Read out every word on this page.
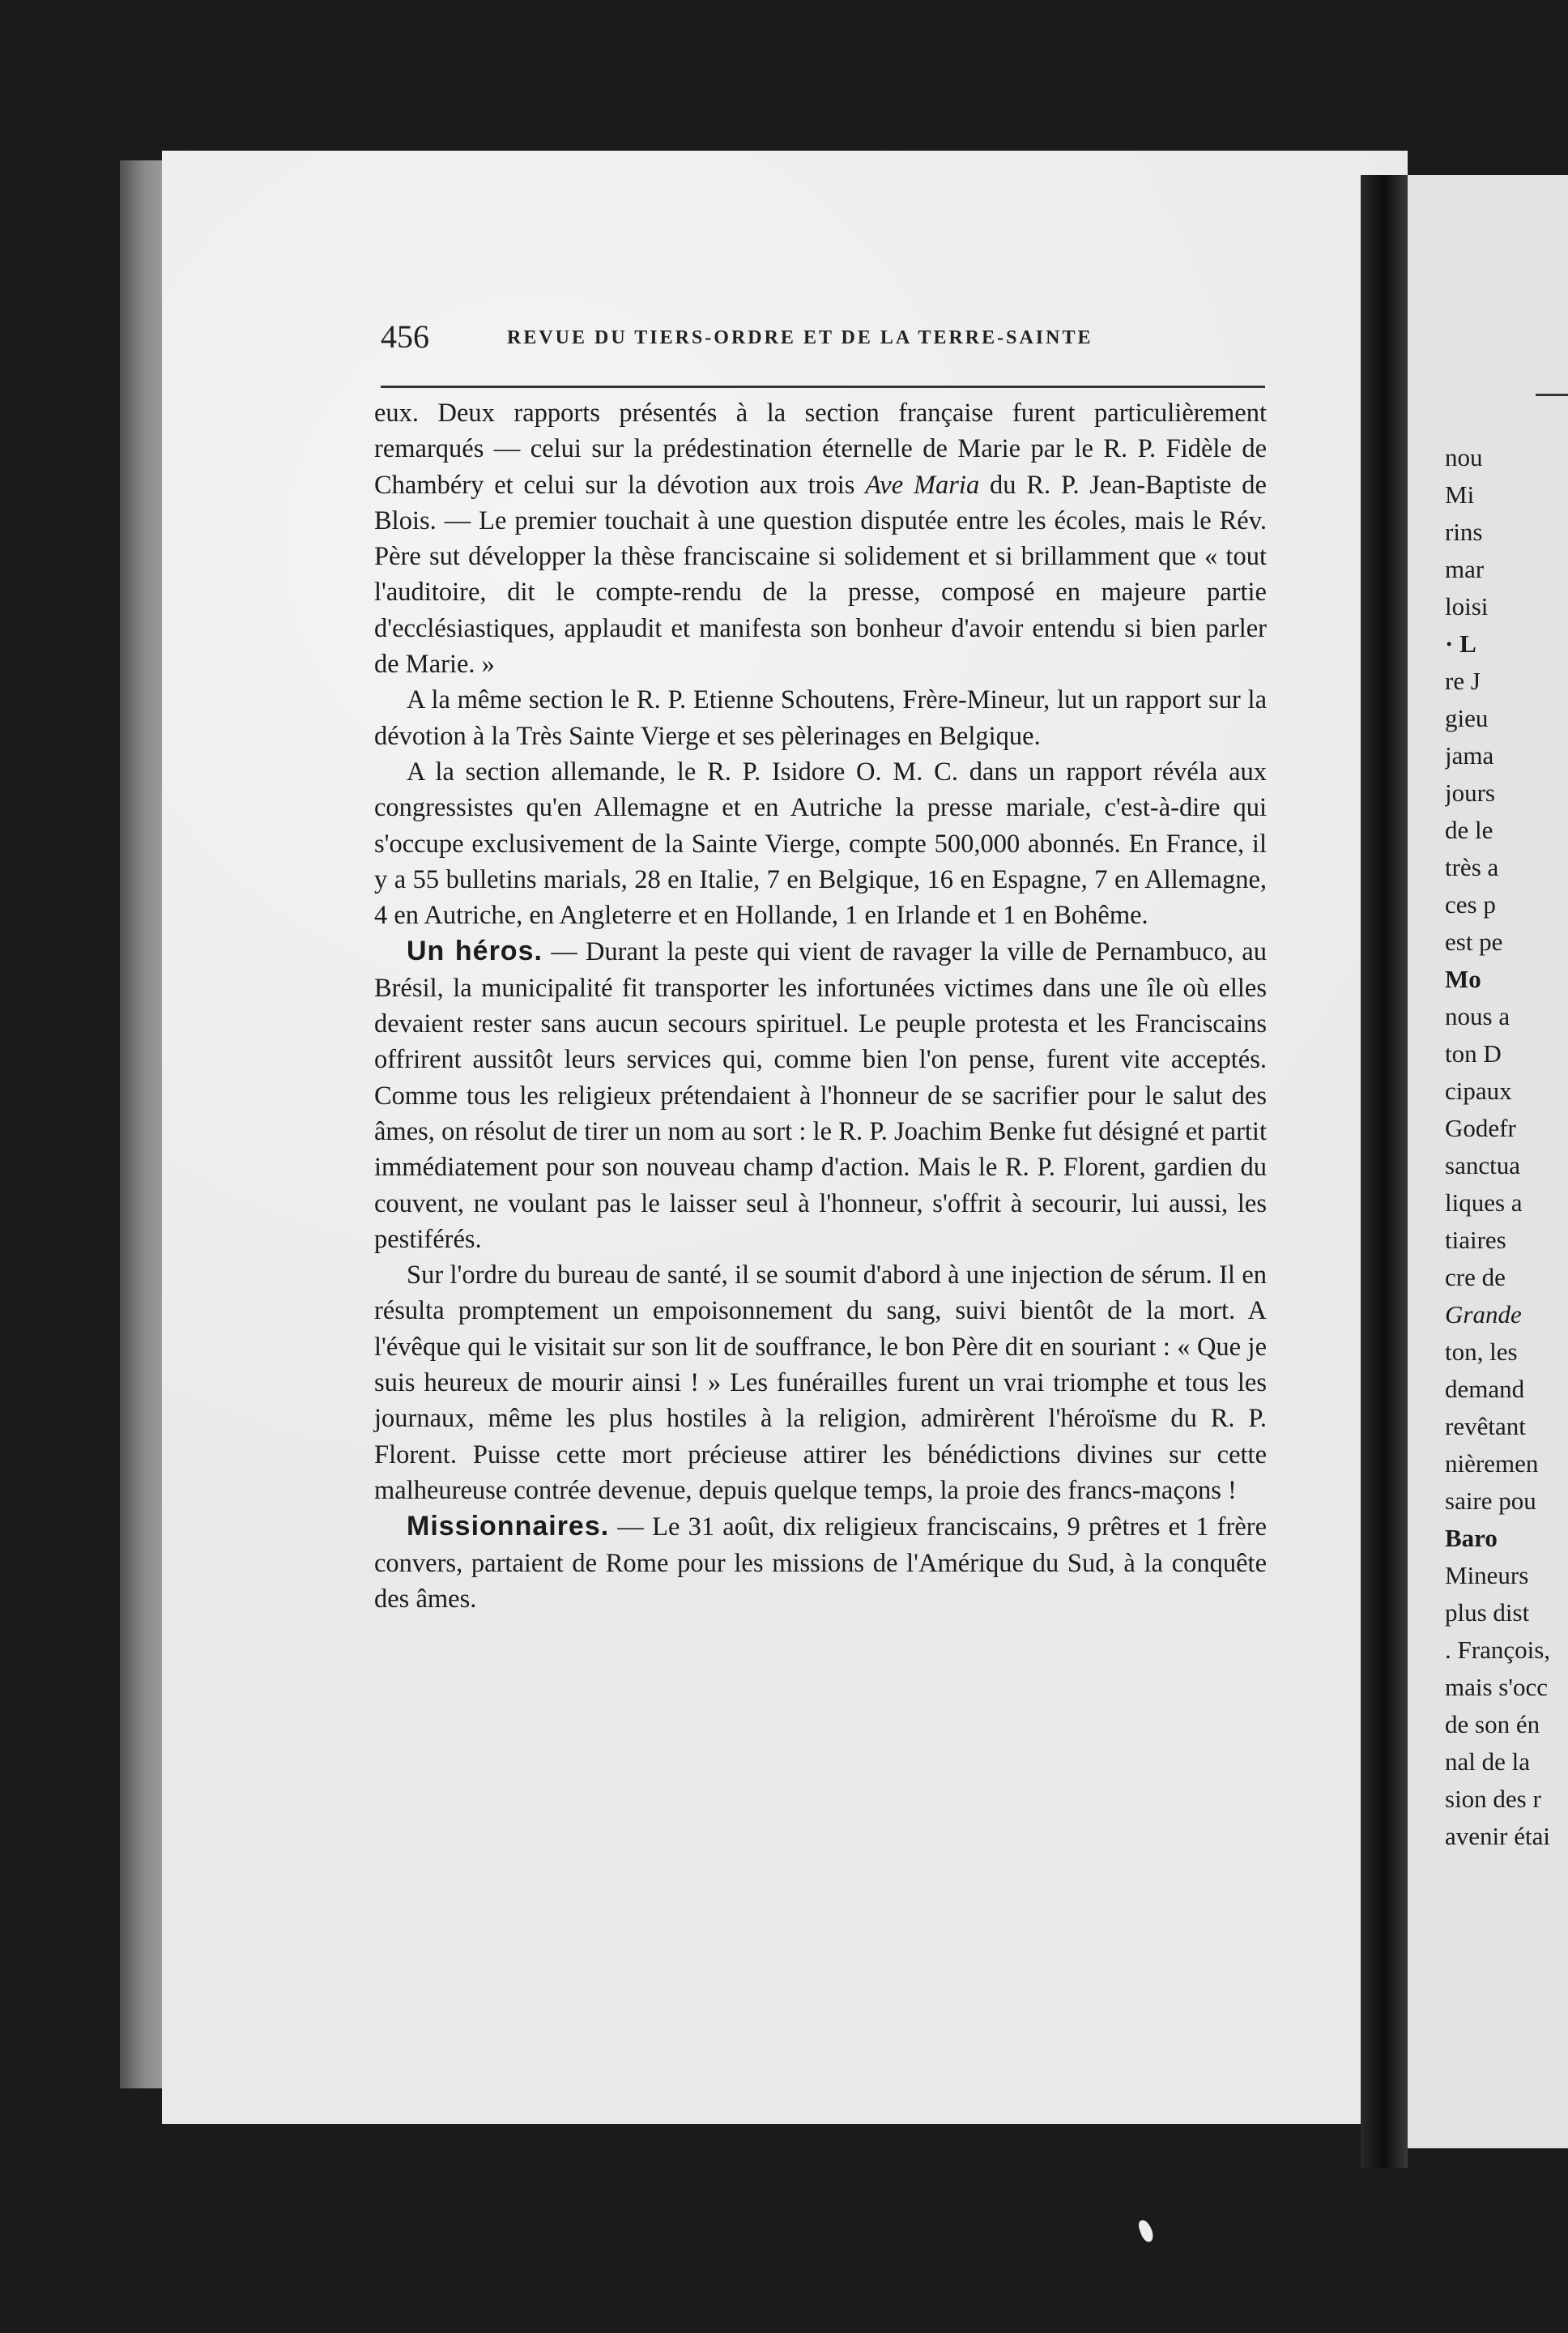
456	REVUE DU TIERS-ORDRE ET DE LA TERRE-SAINTE

eux. Deux rapports présentés à la section française furent particulièrement remarqués — celui sur la prédestination éternelle de Marie par le R. P. Fidèle de Chambéry et celui sur la dévotion aux trois Ave Maria du R. P. Jean-Baptiste de Blois. — Le premier touchait à une question disputée entre les écoles, mais le Rév. Père sut développer la thèse franciscaine si solidement et si brillamment que « tout l'auditoire, dit le compte-rendu de la presse, composé en majeure partie d'ecclésiastiques, applaudit et manifesta son bonheur d'avoir entendu si bien parler de Marie. »

A la même section le R. P. Etienne Schoutens, Frère-Mineur, lut un rapport sur la dévotion à la Très Sainte Vierge et ses pèlerinages en Belgique.

A la section allemande, le R. P. Isidore O. M. C. dans un rapport révéla aux congressistes qu'en Allemagne et en Autriche la presse mariale, c'est-à-dire qui s'occupe exclusivement de la Sainte Vierge, compte 500,000 abonnés. En France, il y a 55 bulletins marials, 28 en Italie, 7 en Belgique, 16 en Espagne, 7 en Allemagne, 4 en Autriche, en Angleterre et en Hollande, 1 en Irlande et 1 en Bohême.

Un héros. — Durant la peste qui vient de ravager la ville de Pernambuco, au Brésil, la municipalité fit transporter les infortunées victimes dans une île où elles devaient rester sans aucun secours spirituel. Le peuple protesta et les Franciscains offrirent aussitôt leurs services qui, comme bien l'on pense, furent vite acceptés. Comme tous les religieux prétendaient à l'honneur de se sacrifier pour le salut des âmes, on résolut de tirer un nom au sort : le R. P. Joachim Benke fut désigné et partit immédiatement pour son nouveau champ d'action. Mais le R. P. Florent, gardien du couvent, ne voulant pas le laisser seul à l'honneur, s'offrit à secourir, lui aussi, les pestiférés.

Sur l'ordre du bureau de santé, il se soumit d'abord à une injection de sérum. Il en résulta promptement un empoisonnement du sang, suivi bientôt de la mort. A l'évêque qui le visitait sur son lit de souffrance, le bon Père dit en souriant : « Que je suis heureux de mourir ainsi ! » Les funérailles furent un vrai triomphe et tous les journaux, même les plus hostiles à la religion, admirèrent l'héroïsme du R. P. Florent. Puisse cette mort précieuse attirer les bénédictions divines sur cette malheureuse contrée devenue, depuis quelque temps, la proie des francs-maçons !

Missionnaires. — Le 31 août, dix religieux franciscains, 9 prêtres et 1 frère convers, partaient de Rome pour les missions de l'Amérique du Sud, à la conquête des âmes.

nou
Mi
rins
mar
loisi
· L
re J
gieu
jama
jours
de le
très a
ces p
est pe
Mo
nous a
ton D
cipaux
Godefr
sanctua
liques a
tiaires
cre de
Grande
ton, les
demand
revêtant
nièremen
saire pou
Baro
Mineurs
plus dist
. François,
mais s'occ
de son én
nal de la
sion des r
avenir étai
